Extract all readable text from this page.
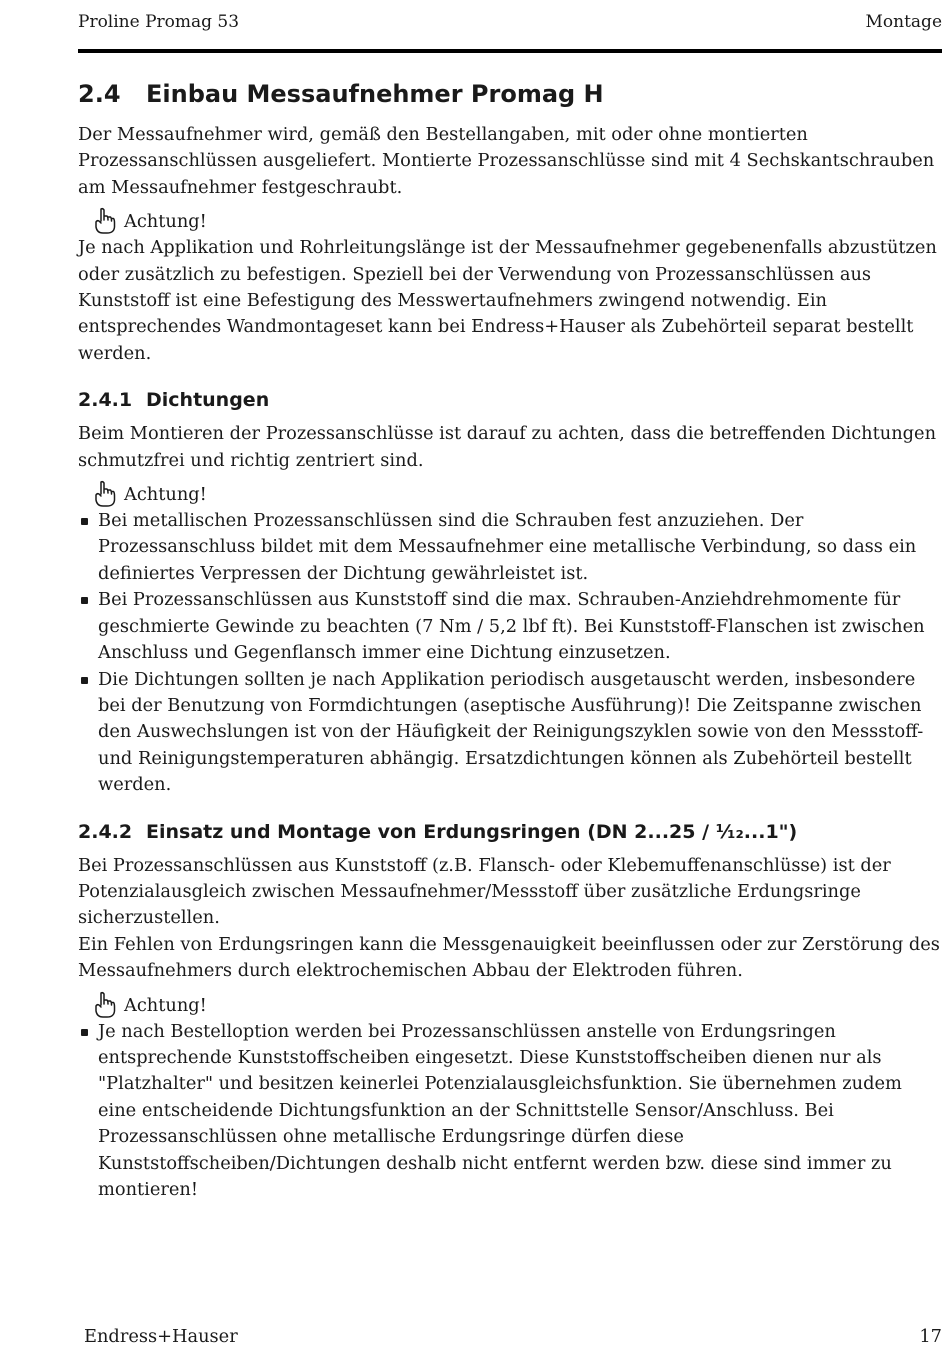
Proline Promag 53	Montage
2.4	Einbau Messaufnehmer Promag H

Der Messaufnehmer wird, gemäß den Bestellangaben, mit oder ohne montierten Prozessanschlüssen ausgeliefert. Montierte Prozessanschlüsse sind mit 4 Sechskantschrauben am Messaufnehmer festgeschraubt.

Achtung!

Je nach Applikation und Rohrleitungslänge ist der Messaufnehmer gegebenenfalls abzustützen oder zusätzlich zu befestigen. Speziell bei der Verwendung von Prozessanschlüssen aus Kunststoff ist eine Befestigung des Messwertaufnehmers zwingend notwendig. Ein entsprechendes Wandmontageset kann bei Endress+Hauser als Zubehörteil separat bestellt werden.

2.4.1 Dichtungen

Beim Montieren der Prozessanschlüsse ist darauf zu achten, dass die betreffenden Dichtungen schmutzfrei und richtig zentriert sind.

Achtung!
Bei metallischen Prozessanschlüssen sind die Schrauben fest anzuziehen. Der Prozessanschluss bildet mit dem Messaufnehmer eine metallische Verbindung, so dass ein definiertes Verpressen der Dichtung gewährleistet ist.
Bei Prozessanschlüssen aus Kunststoff sind die max. Schrauben-Anziehdrehmomente für geschmierte Gewinde zu beachten (7 Nm / 5,2 lbf ft). Bei Kunststoff-Flanschen ist zwischen Anschluss und Gegenflansch immer eine Dichtung einzusetzen.
Die Dichtungen sollten je nach Applikation periodisch ausgetauscht werden, insbesondere bei der Benutzung von Formdichtungen (aseptische Ausführung)! Die Zeitspanne zwischen den Auswechslungen ist von der Häufigkeit der Reinigungszyklen sowie von den Messstoff- und Reinigungstemperaturen abhängig. Ersatzdichtungen können als Zubehörteil bestellt werden.
2.4.2 Einsatz und Montage von Erdungsringen (DN 2...25 / ¹⁄₁₂...1")

Bei Prozessanschlüssen aus Kunststoff (z.B. Flansch- oder Klebemuffenanschlüsse) ist der Potenzialausgleich zwischen Messaufnehmer/Messstoff über zusätzliche Erdungsringe sicherzustellen.

Ein Fehlen von Erdungsringen kann die Messgenauigkeit beeinflussen oder zur Zerstörung des Messaufnehmers durch elektrochemischen Abbau der Elektroden führen.

Achtung!
Je nach Bestelloption werden bei Prozessanschlüssen anstelle von Erdungsringen entsprechende Kunststoffscheiben eingesetzt. Diese Kunststoffscheiben dienen nur als "Platzhalter" und besitzen keinerlei Potenzialausgleichsfunktion. Sie übernehmen zudem eine entscheidende Dichtungsfunktion an der Schnittstelle Sensor/Anschluss. Bei Prozessanschlüssen ohne metallische Erdungsringe dürfen diese Kunststoffscheiben/Dichtungen deshalb nicht entfernt werden bzw. diese sind immer zu montieren!
Endress+Hauser	17
